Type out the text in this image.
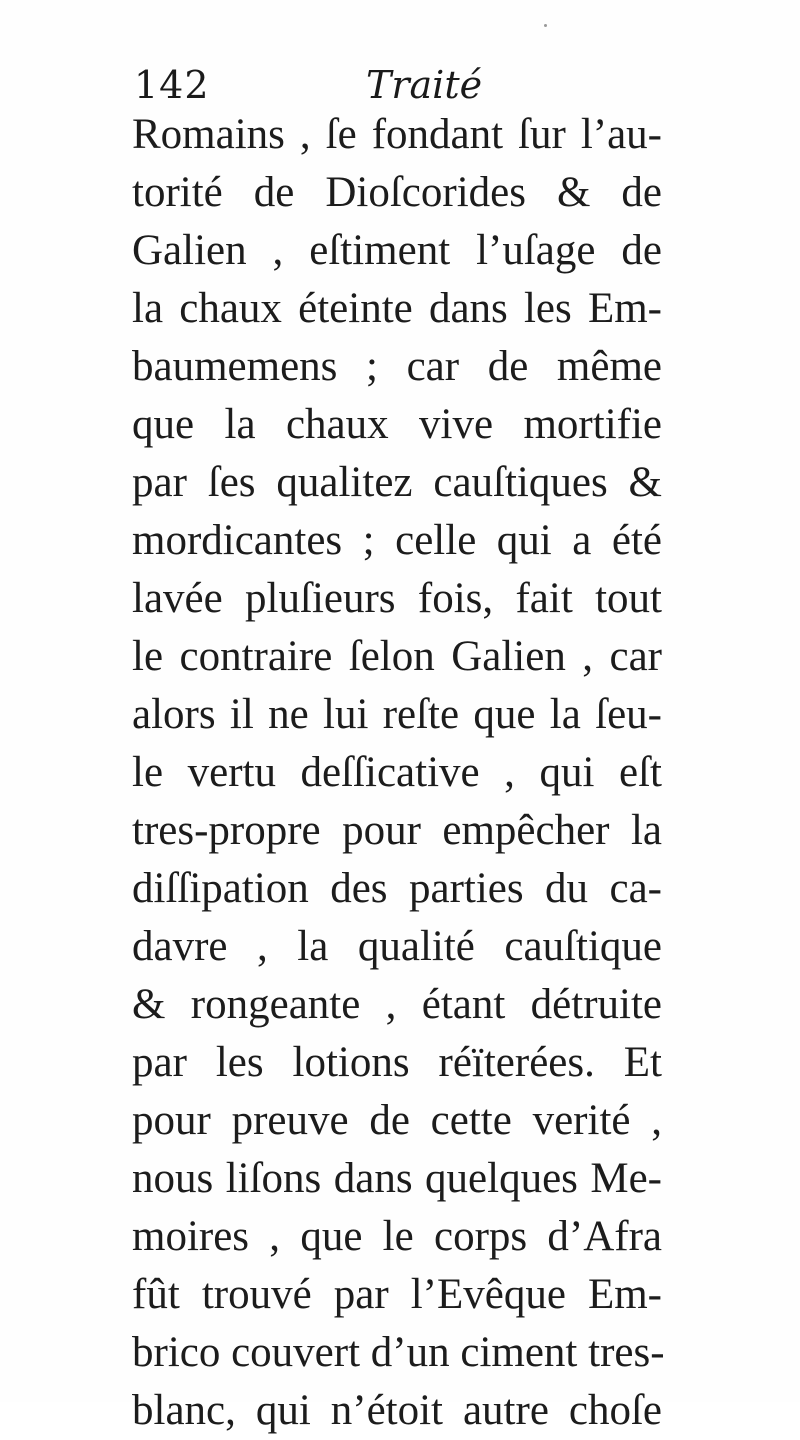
142	Traité
Romains , ſe fondant ſur l’au-
torité de Dioſcorides & de
Galien , eſtiment l’uſage de
la chaux éteinte dans les Em-
baumemens ; car de même
que la chaux vive mortifie
par ſes qualitez cauſtiques &
mordicantes ; celle qui a été
lavée pluſieurs fois, fait tout
le contraire ſelon Galien , car
alors il ne lui reſte que la ſeu-
le vertu deſſicative , qui eſt
tres-propre pour empêcher la
diſſipation des parties du ca-
davre , la qualité cauſtique
& rongeante , étant détruite
par les lotions réïterées. Et
pour preuve de cette verité ,
nous liſons dans quelques Me-
moires , que le corps d’Afra
fût trouvé par l’Evêque Em-
brico couvert d’un ciment tres-
blanc, qui n’étoit autre choſe
